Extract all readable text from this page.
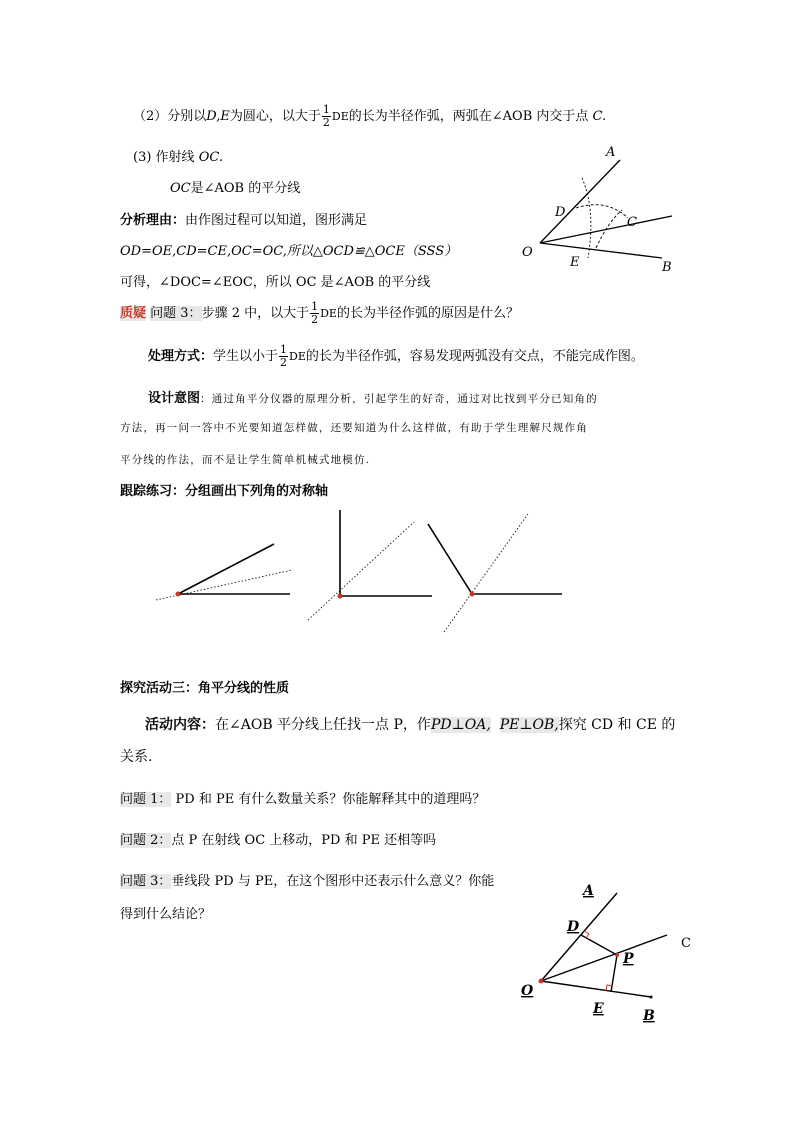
（2）分别以D,E为圆心，以大于 $\frac{1}{2}$ DE的长为半径作弧，两弧在∠AOB 内交于点 C.
(3) 作射线 OC.
OC是∠AOB 的平分线
分析理由：由作图过程可以知道，图形满足
OD=OE,CD=CE,OC=OC,所以△OCD≌△OCE（SSS）
可得，∠DOC=∠EOC，所以 OC 是∠AOB 的平分线
A
D
C
O
E	B
质疑 问题 3：步骤 2 中，以大于 $\frac{1}{2}$ DE的长为半径作弧的原因是什么？
处理方式：学生以小于 $\frac{1}{2}$ DE的长为半径作弧，容易发现两弧没有交点，不能完成作图。
设计意图：通过角平分仪器的原理分析，引起学生的好奇，通过对比找到平分已知角的
方法，再一问一答中不光要知道怎样做，还要知道为什么这样做，有助于学生理解尺规作角
平分线的作法，而不是让学生简单机械式地模仿.
跟踪练习：分组画出下列角的对称轴
探究活动三：角平分线的性质
活动内容：在∠AOB 平分线上任找一点 P，作PD⊥OA, PE⊥OB,探究 CD 和 CE 的
关系.
问题 1： PD 和 PE 有什么数量关系？你能解释其中的道理吗？
问题 2：点 P 在射线 OC 上移动，PD 和 PE 还相等吗
问题 3：垂线段 PD 与 PE，在这个图形中还表示什么意义？你能
得到什么结论？
A
D
C
P
O
E	B
